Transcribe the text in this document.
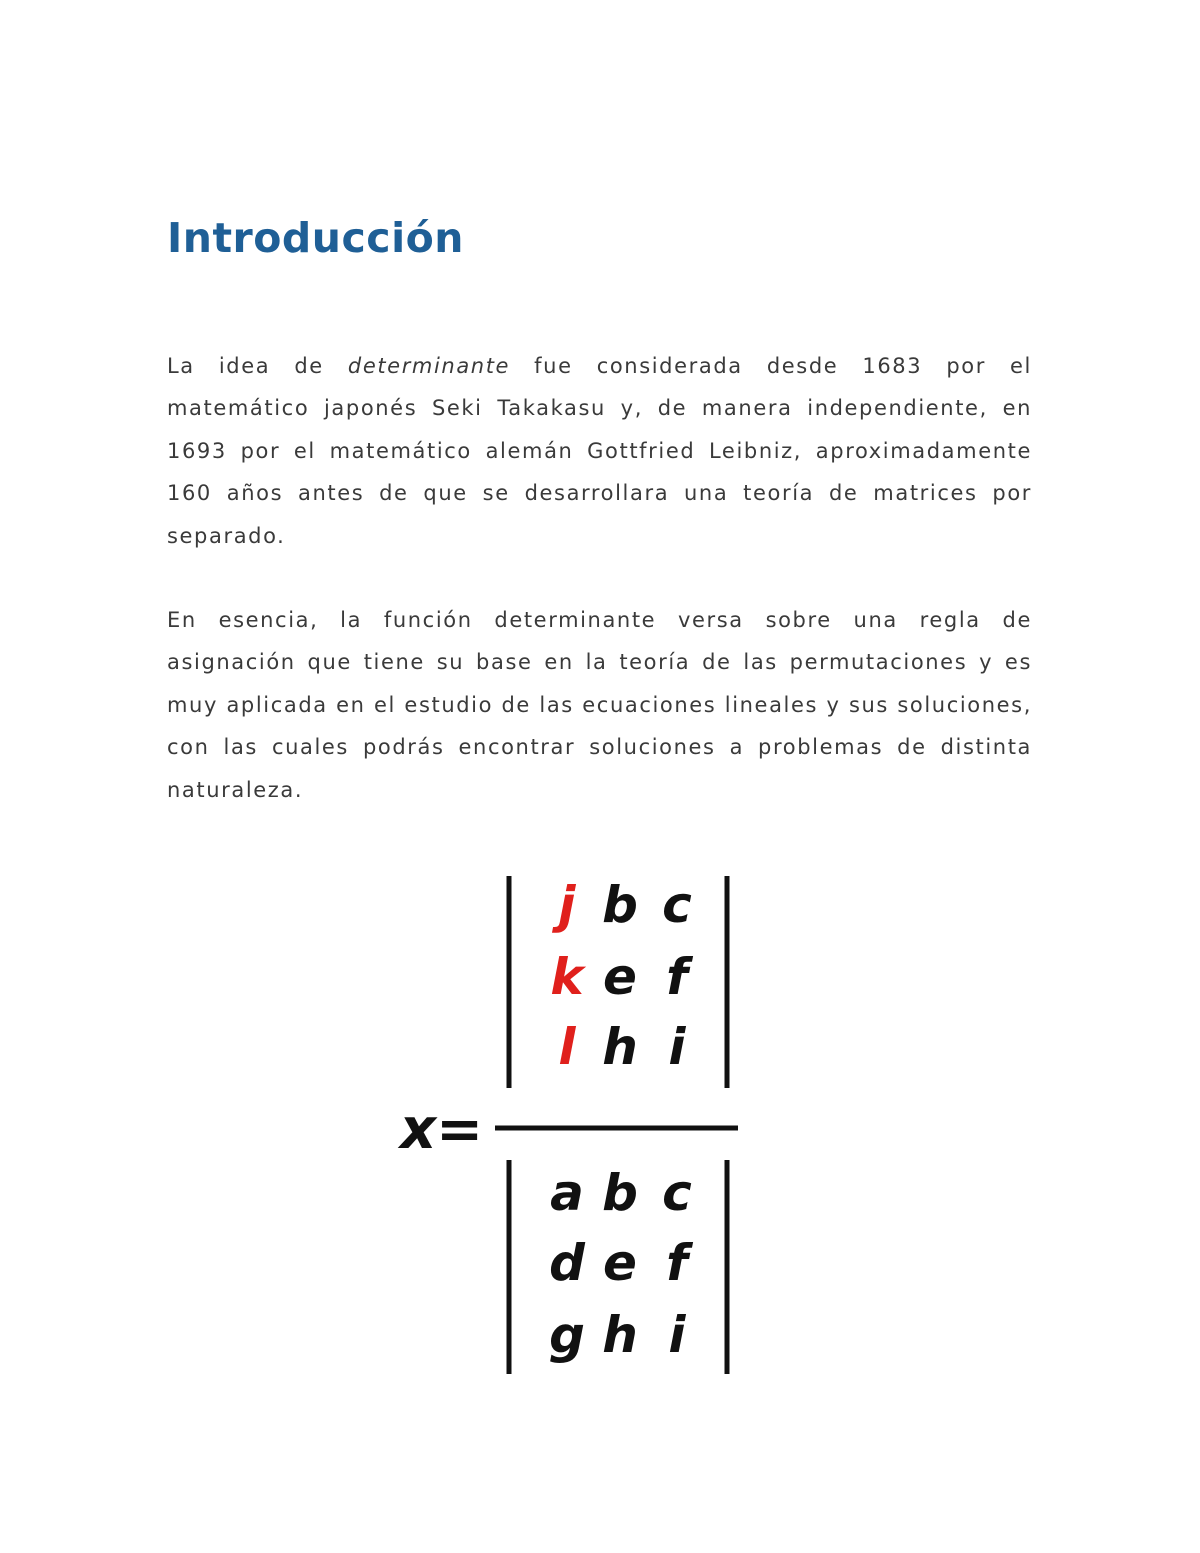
Introducción

La idea de determinante fue considerada desde 1683 por el matemático japonés Seki Takakasu y, de manera independiente, en 1693 por el matemático alemán Gottfried Leibniz, aproximadamente 160 años antes de que se desarrollara una teoría de matrices por separado.

En esencia, la función determinante versa sobre una regla de asignación que tiene su base en la teoría de las permutaciones y es muy aplicada en el estudio de las ecuaciones lineales y sus soluciones, con las cuales podrás encontrar soluciones a problemas de distinta naturaleza.

x=
j b c
k e f
l h i
a b c
d e f
g h i
